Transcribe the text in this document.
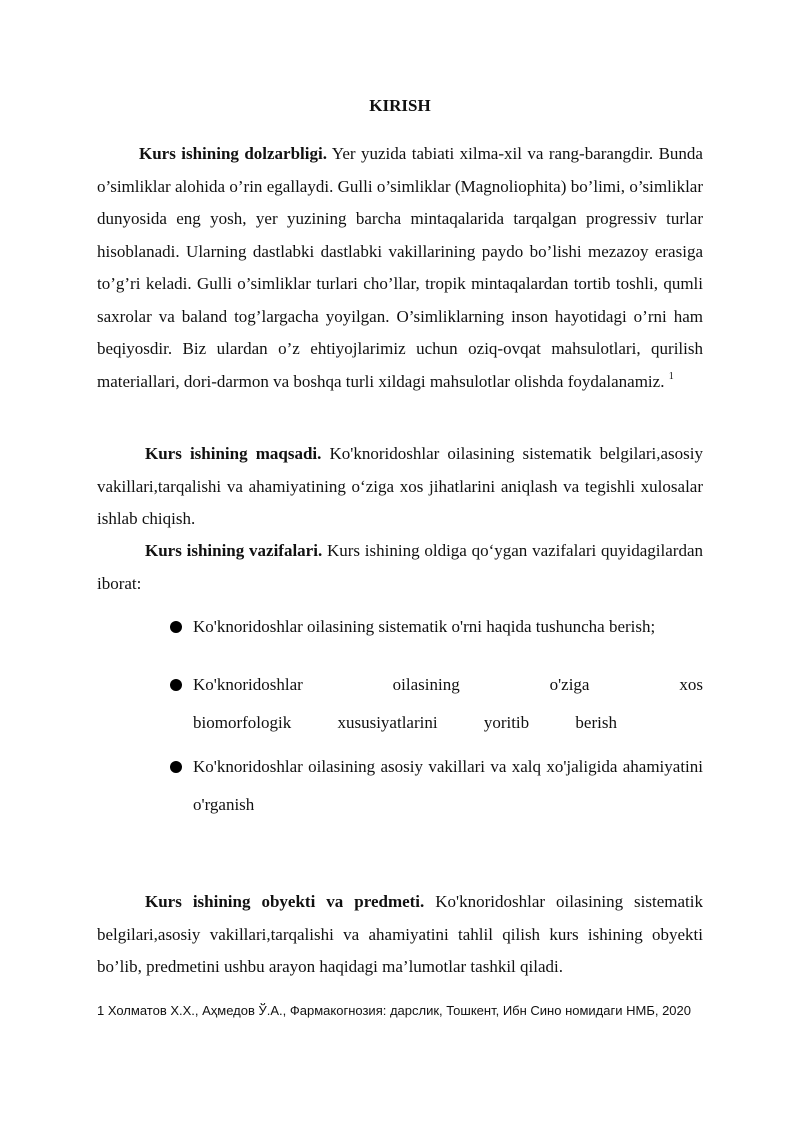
KIRISH
Kurs ishining dolzarbligi. Yer yuzida tabiati xilma-xil va rang-barangdir. Bunda o’simliklar alohida o’rin egallaydi. Gulli o’simliklar (Magnoliophita) bo’limi, o’simliklar dunyosida eng yosh, yer yuzining barcha mintaqalarida tarqalgan progressiv turlar hisoblanadi. Ularning dastlabki dastlabki vakillarining paydo bo’lishi mezazoy erasiga to’g’ri keladi. Gulli o’simliklar turlari cho’llar, tropik mintaqalardan tortib toshli, qumli saxrolar va baland tog’largacha yoyilgan. O’simliklarning inson hayotidagi o’rni ham beqiyosdir. Biz ulardan o’z ehtiyojlarimiz uchun oziq-ovqat mahsulotlari, qurilish materiallari, dori-darmon va boshqa turli xildagi mahsulotlar olishda foydalanamiz. $^1$
Kurs ishining maqsadi. Ko'knoridoshlar oilasining sistematik belgilari,asosiy vakillari,tarqalishi va ahamiyatining o‘ziga xos jihatlarini aniqlash va tegishli xulosalar ishlab chiqish.
Kurs ishining vazifalari. Kurs ishining oldiga qo‘ygan vazifalari quyidagilardan iborat:
Ko'knoridoshlar oilasining sistematik o'rni haqida tushuncha berish;
Ko'knoridoshlar oilasining o'ziga xos biomorfologik xususiyatlarini yoritib berish
Ko'knoridoshlar oilasining asosiy vakillari va xalq xo'jaligida ahamiyatini o'rganish
Kurs ishining obyekti va predmeti. Ko'knoridoshlar oilasining sistematik belgilari,asosiy vakillari,tarqalishi va ahamiyatini tahlil qilish kurs ishining obyekti bo’lib, predmetini ushbu arayon haqidagi ma’lumotlar tashkil qiladi.
1 Холматов Х.Х., Аҳмедов Ў.А., Фармакогнозия: дарслик, Тошкент, Ибн Сино номидаги НМБ, 2020
